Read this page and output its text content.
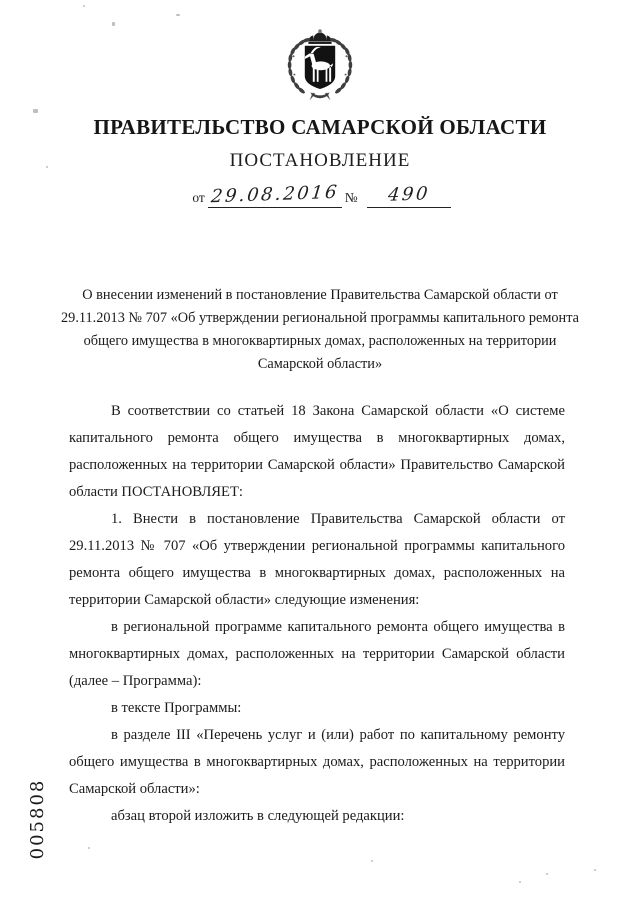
ПРАВИТЕЛЬСТВО САМАРСКОЙ ОБЛАСТИ
ПОСТАНОВЛЕНИЕ
от 29.08.2016 №	490
О внесении изменений в постановление Правительства Самарской области от 29.11.2013 № 707 «Об утверждении региональной программы капитального ремонта общего имущества в многоквартирных домах, расположенных на территории Самарской области»

В соответствии со статьей 18 Закона Самарской области «О системе капитального ремонта общего имущества в многоквартирных домах, расположенных на территории Самарской области» Правительство Самарской области ПОСТАНОВЛЯЕТ:

1. Внести в постановление Правительства Самарской области от 29.11.2013 № 707 «Об утверждении региональной программы капитального ремонта общего имущества в многоквартирных домах, расположенных на территории Самарской области» следующие изменения:

в региональной программе капитального ремонта общего имущества в многоквартирных домах, расположенных на территории Самарской области (далее – Программа):

в тексте Программы:

в разделе III «Перечень услуг и (или) работ по капитальному ремонту общего имущества в многоквартирных домах, расположенных на территории Самарской области»:

абзац второй изложить в следующей редакции:

005808
